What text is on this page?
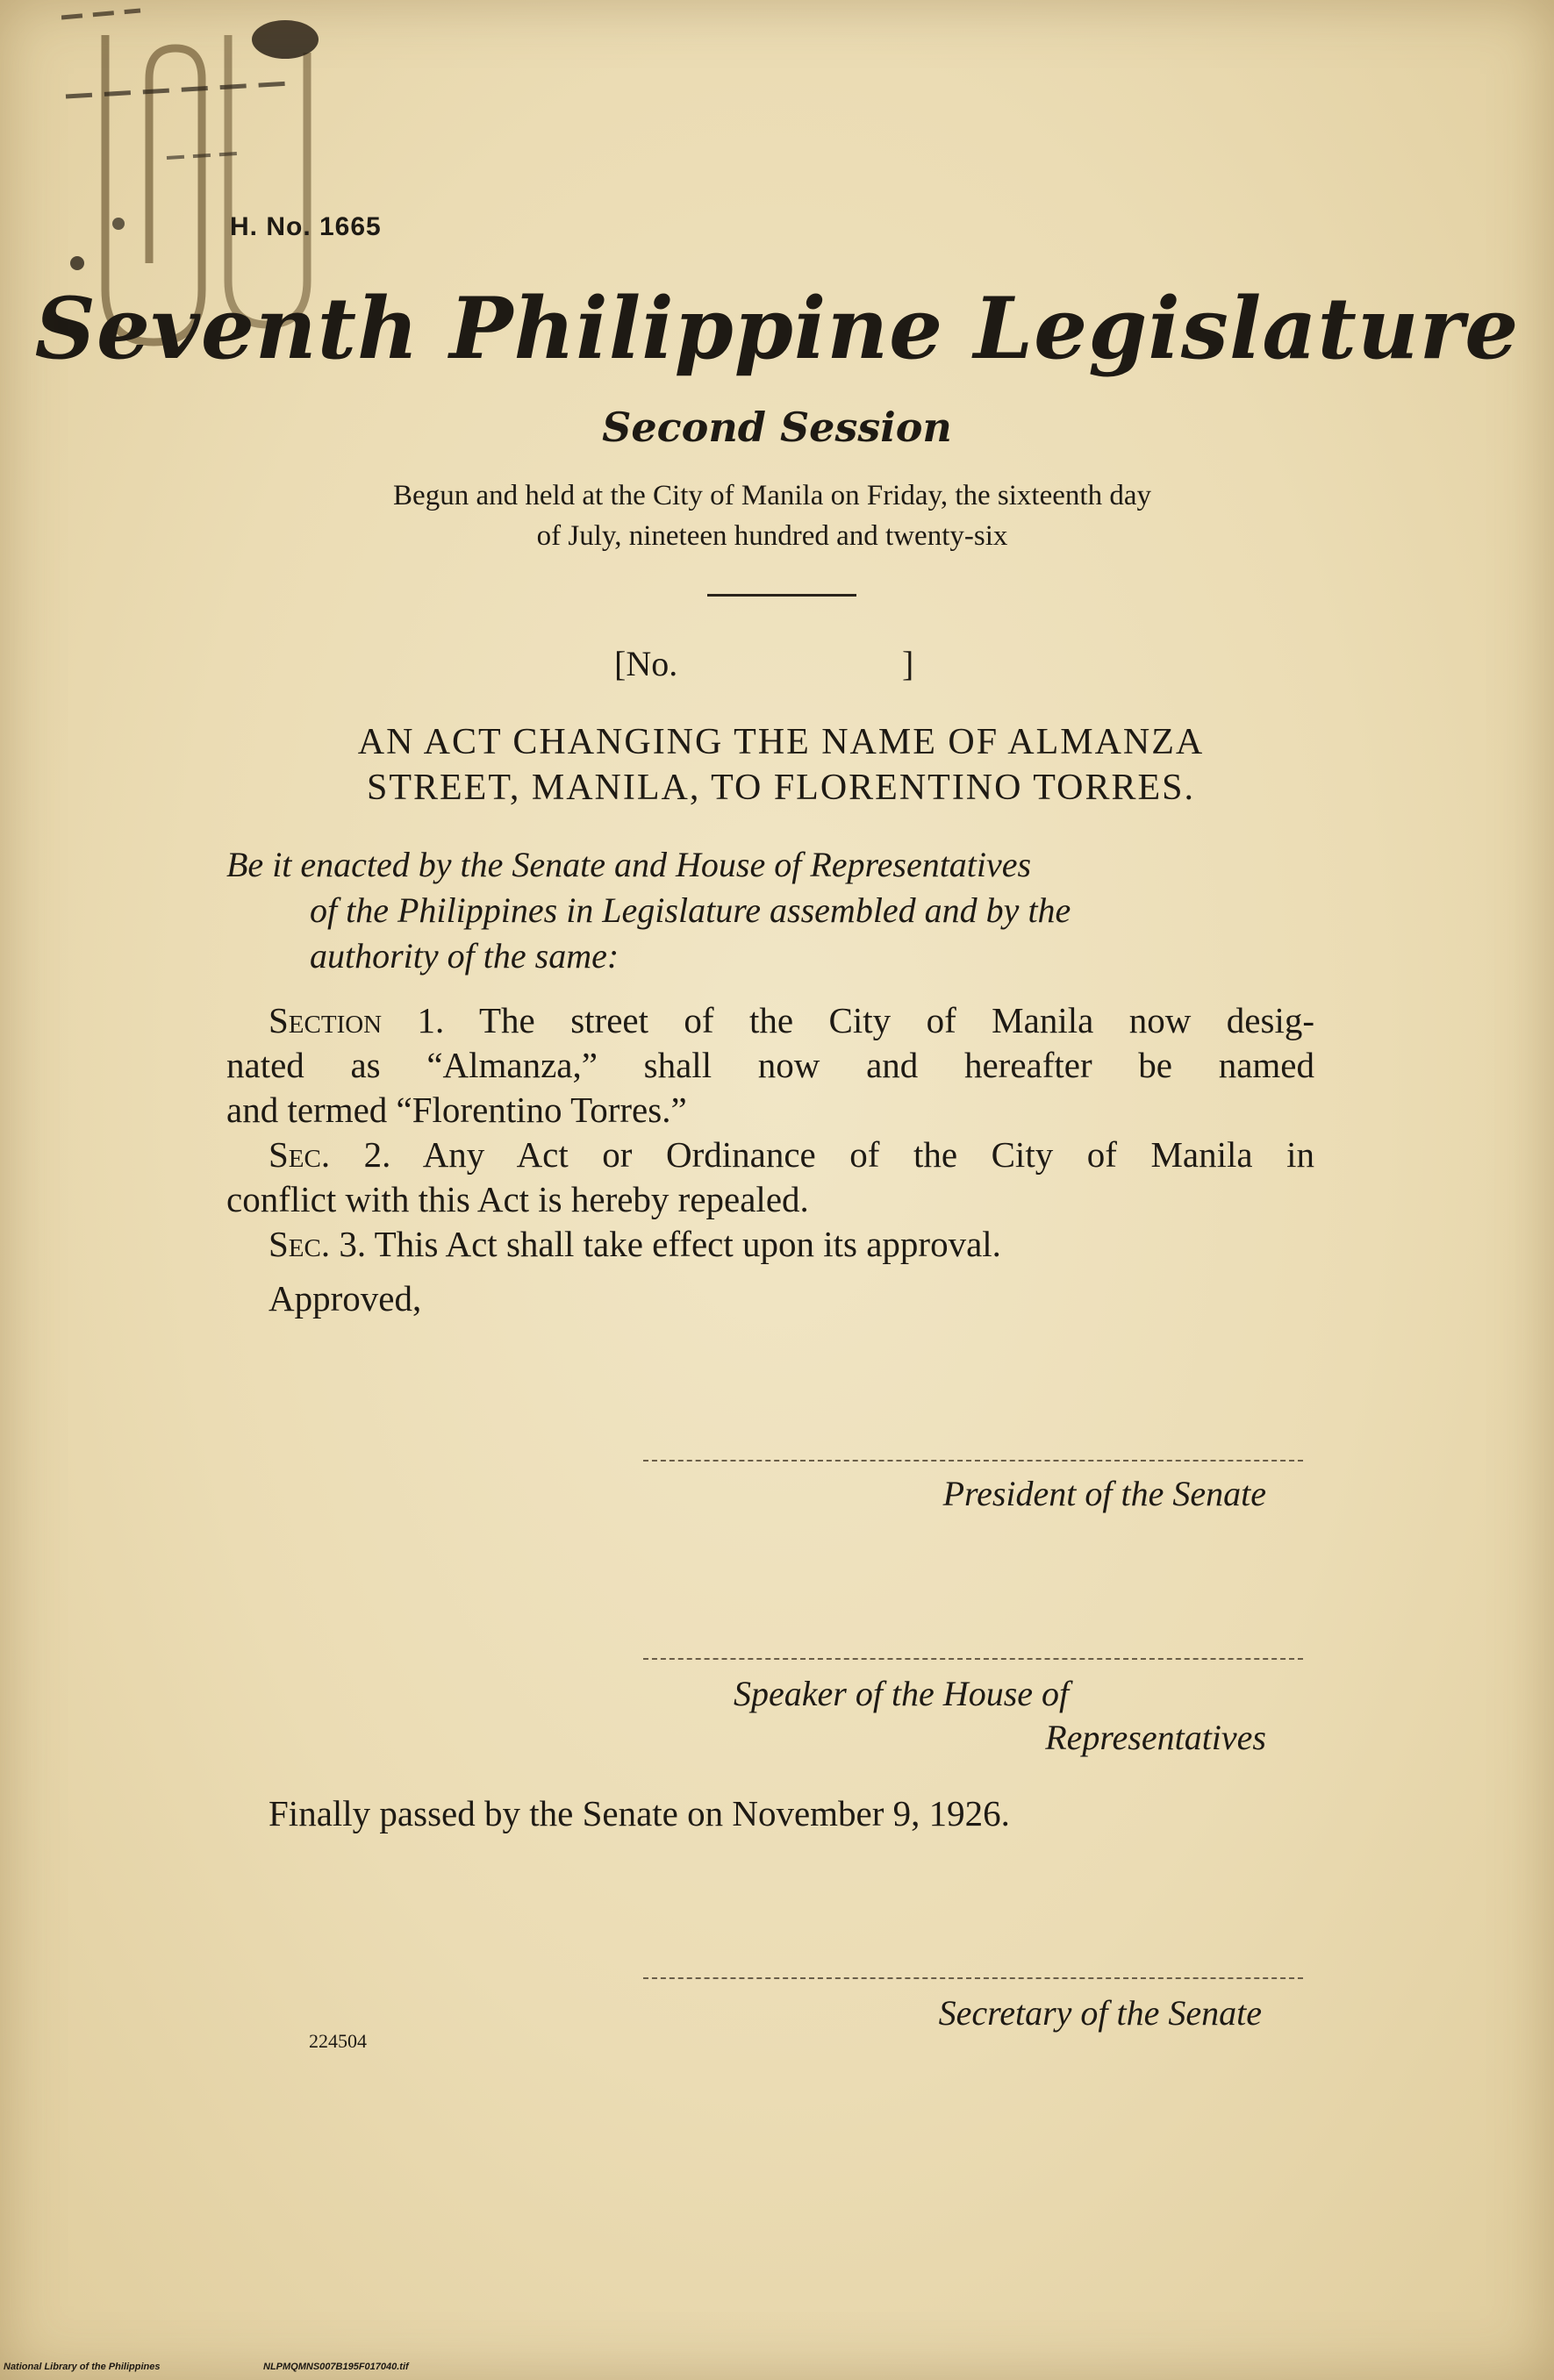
H. No. 1665
Seventh Philippine Legislature
Second Session
Begun and held at the City of Manila on Friday, the sixteenth day
of July, nineteen hundred and twenty-six
[No.	]
AN ACT CHANGING THE NAME OF ALMANZA
STREET, MANILA, TO FLORENTINO TORRES.
Be it enacted by the Senate and House of Representatives
of the Philippines in Legislature assembled and by the
authority of the same:
Section 1. The street of the City of Manila now desig-
nated as “Almanza,” shall now and hereafter be named
and termed “Florentino Torres.”
Sec. 2. Any Act or Ordinance of the City of Manila in
conflict with this Act is hereby repealed.
Sec. 3. This Act shall take effect upon its approval.
Approved,
President of the Senate
Speaker of the House of
Representatives
Finally passed by the Senate on November 9, 1926.
Secretary of the Senate
224504
National Library of the Philippines	NLPMQMNS007B195F017040.tif
